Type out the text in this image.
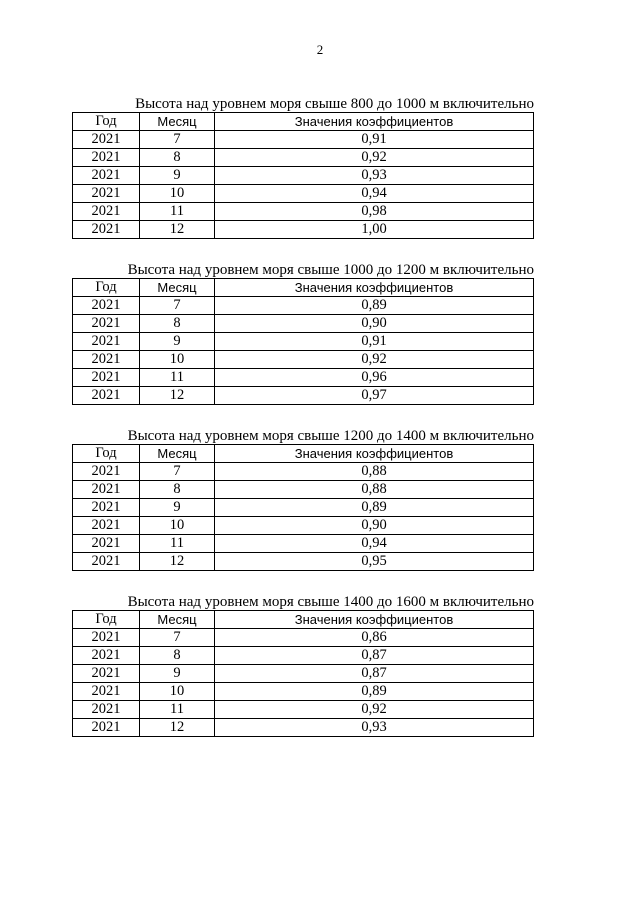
2
Высота над уровнем моря свыше 800 до 1000 м включительно
Год	Месяц	Значения коэффициентов
2021	7	0,91
2021	8	0,92
2021	9	0,93
2021	10	0,94
2021	11	0,98
2021	12	1,00
Высота над уровнем моря свыше 1000 до 1200 м включительно
Год	Месяц	Значения коэффициентов
2021	7	0,89
2021	8	0,90
2021	9	0,91
2021	10	0,92
2021	11	0,96
2021	12	0,97
Высота над уровнем моря свыше 1200 до 1400 м включительно
Год	Месяц	Значения коэффициентов
2021	7	0,88
2021	8	0,88
2021	9	0,89
2021	10	0,90
2021	11	0,94
2021	12	0,95
Высота над уровнем моря свыше 1400 до 1600 м включительно
Год	Месяц	Значения коэффициентов
2021	7	0,86
2021	8	0,87
2021	9	0,87
2021	10	0,89
2021	11	0,92
2021	12	0,93
